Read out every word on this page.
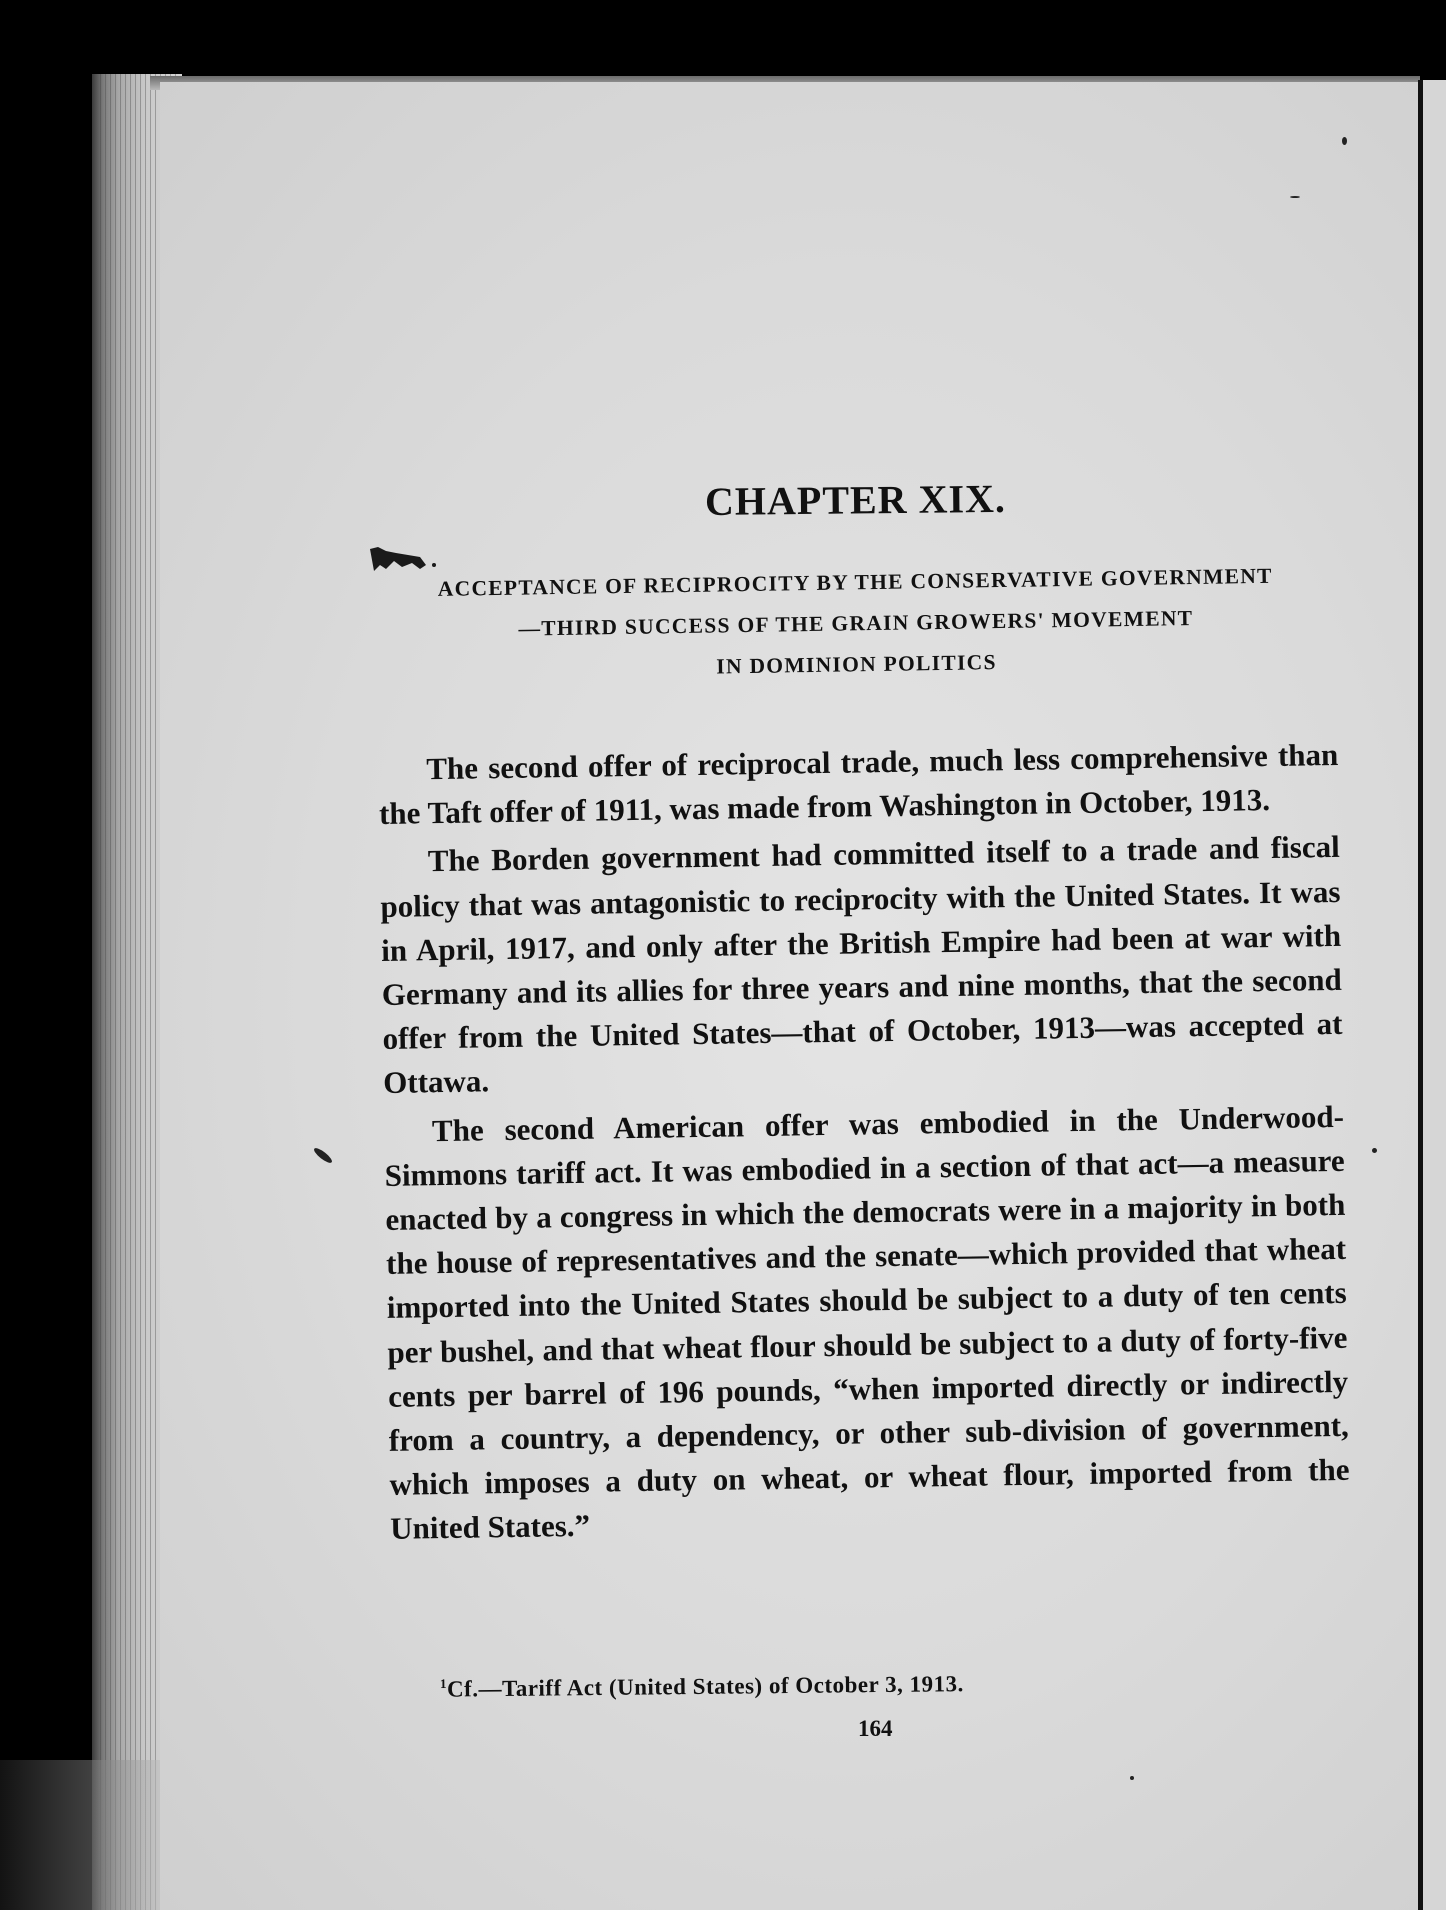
CHAPTER XIX.
ACCEPTANCE OF RECIPROCITY BY THE CONSERVATIVE GOVERNMENT
—THIRD SUCCESS OF THE GRAIN GROWERS' MOVEMENT
IN DOMINION POLITICS

The second offer of reciprocal trade, much less comprehensive than the Taft offer of 1911, was made from Washington in October, 1913.

The Borden government had committed itself to a trade and fiscal policy that was antagonistic to reciprocity with the United States. It was in April, 1917, and only after the British Empire had been at war with Germany and its allies for three years and nine months, that the second offer from the United States—that of October, 1913—was accepted at Ottawa.

The second American offer was embodied in the Underwood-Simmons tariff act. It was embodied in a section of that act—a measure enacted by a congress in which the democrats were in a majority in both the house of representatives and the senate—which provided that wheat imported into the United States should be subject to a duty of ten cents per bushel, and that wheat flour should be subject to a duty of forty-five cents per barrel of 196 pounds, “when imported directly or indirectly from a country, a dependency, or other sub-division of government, which imposes a duty on wheat, or wheat flour, imported from the United States.”

$^1$Cf.—Tariff Act (United States) of October 3, 1913.
164
